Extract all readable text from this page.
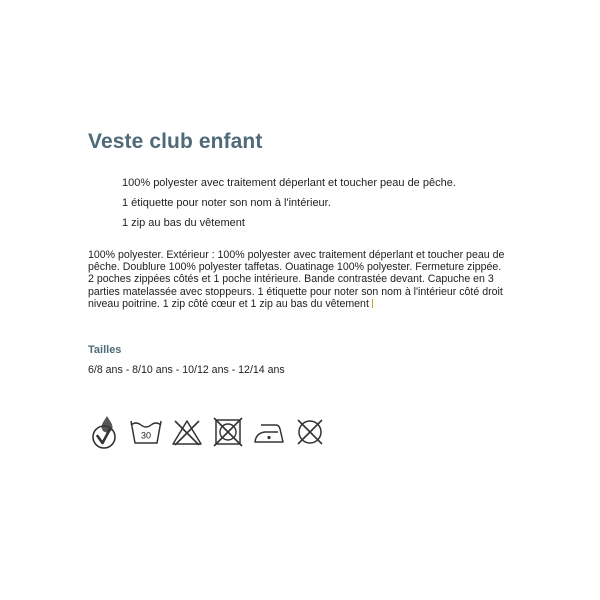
Veste club enfant
100% polyester avec traitement déperlant et toucher peau de pêche.
1 étiquette pour noter son nom à l'intérieur.
1 zip au bas du vêtement

100% polyester. Extérieur : 100% polyester avec traitement déperlant et toucher peau de pêche. Doublure 100% polyester taffetas. Ouatinage 100% polyester. Fermeture zippée. 2 poches zippées côtés et 1 poche intérieure. Bande contrastée devant. Capuche en 3 parties matelassée avec stoppeurs. 1 étiquette pour noter son nom à l'intérieur côté droit niveau poitrine. 1 zip côté cœur et 1 zip au bas du vêtement

Tailles

6/8 ans - 8/10 ans - 10/12 ans - 12/14 ans

30
